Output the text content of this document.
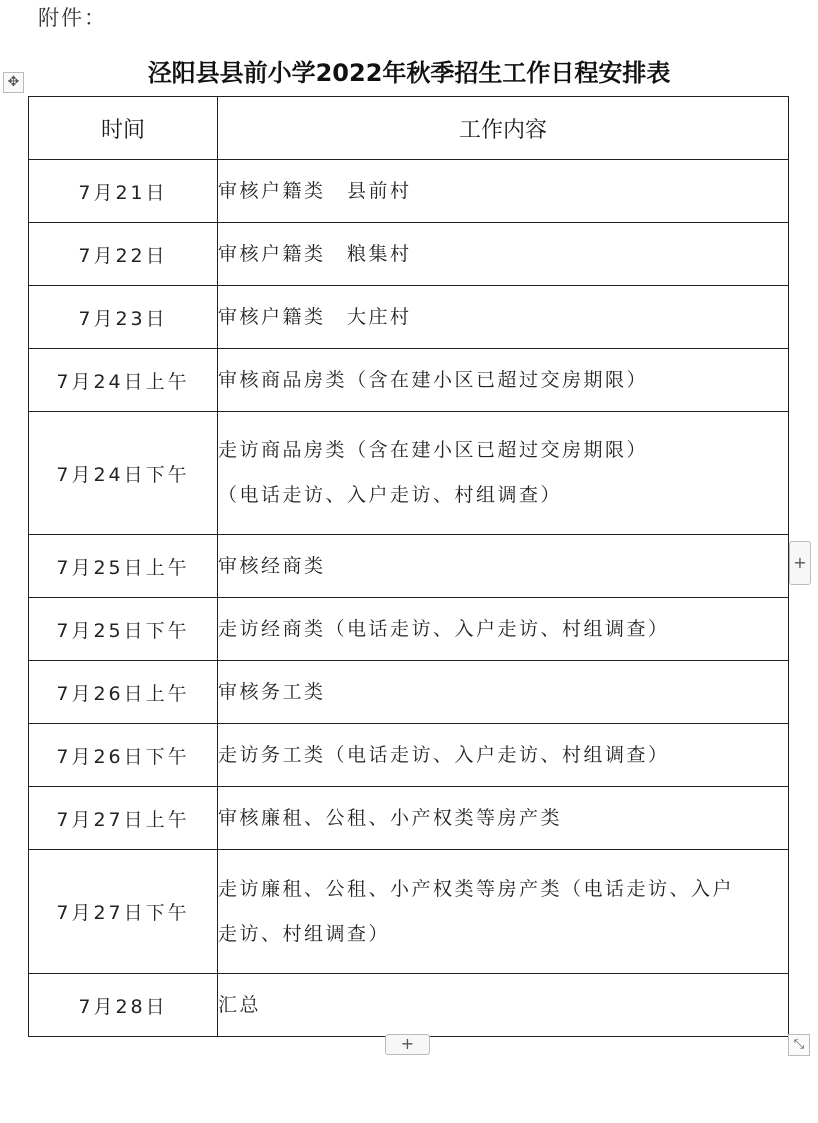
附件：
✥	泾阳县县前小学2022年秋季招生工作日程安排表
时间	工作内容
7月21日	审核户籍类　县前村

7月22日	审核户籍类　粮集村

7月23日	审核户籍类　大庄村

7月24日上午	审核商品房类（含在建小区已超过交房期限）

7月24日下午	走访商品房类（含在建小区已超过交房期限）
（电话走访、入户走访、村组调查）

7月25日上午	审核经商类

7月25日下午	走访经商类（电话走访、入户走访、村组调查）

7月26日上午	审核务工类

7月26日下午	走访务工类（电话走访、入户走访、村组调查）

7月27日上午	审核廉租、公租、小产权类等房产类

7月27日下午	走访廉租、公租、小产权类等房产类（电话走访、入户
走访、村组调查）

7月28日	汇总
+
+	⤡
